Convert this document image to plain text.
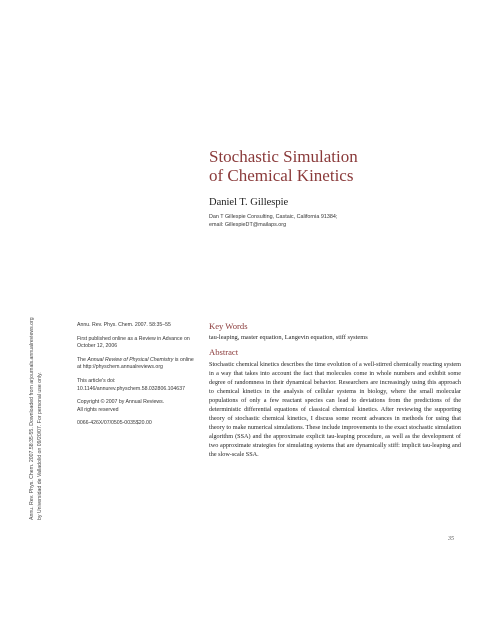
Annu. Rev. Phys. Chem. 2007.58:35-55. Downloaded from arjournals.annualreviews.org by Universidad de Valladolid on 09/20/07. For personal use only.
Stochastic Simulation
of Chemical Kinetics
Daniel T. Gillespie
Dan T Gillespie Consulting, Castaic, California 91384;
email: GillespieDT@mailaps.org

Annu. Rev. Phys. Chem. 2007. 58:35–55

First published online as a Review in Advance on October 12, 2006

The Annual Review of Physical Chemistry is online at http://physchem.annualreviews.org

This article's doi:
10.1146/annurev.physchem.58.032806.104637

Copyright © 2007 by Annual Reviews.
All rights reserved

0066-426X/07/0505-0035$20.00

Key Words
tau-leaping, master equation, Langevin equation, stiff systems
Abstract
Stochastic chemical kinetics describes the time evolution of a well-stirred chemically reacting system in a way that takes into account the fact that molecules come in whole numbers and exhibit some degree of randomness in their dynamical behavior. Researchers are increasingly using this approach to chemical kinetics in the analysis of cellular systems in biology, where the small molecular populations of only a few reactant species can lead to deviations from the predictions of the deterministic differential equations of classical chemical kinetics. After reviewing the supporting theory of stochastic chemical kinetics, I discuss some recent advances in methods for using that theory to make numerical simulations. These include improvements to the exact stochastic simulation algorithm (SSA) and the approximate explicit tau-leaping procedure, as well as the development of two approximate strategies for simulating systems that are dynamically stiff: implicit tau-leaping and the slow-scale SSA.
35
